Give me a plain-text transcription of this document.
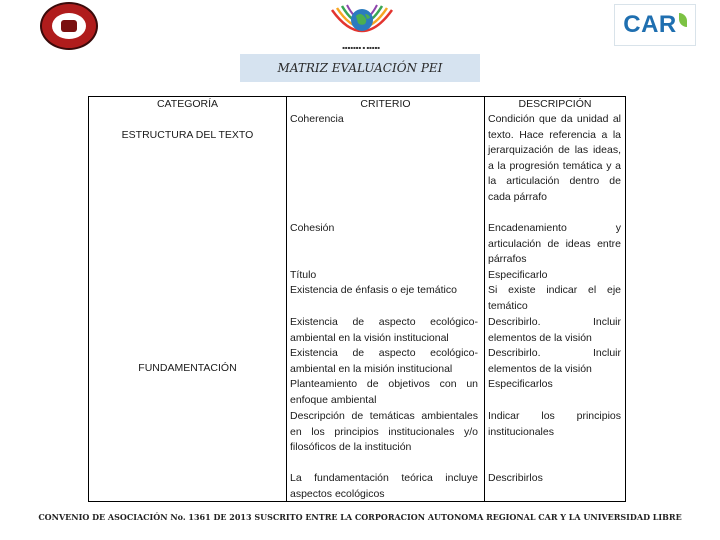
▪▪▪▪▪▪▪ ▪ ▪▪▪▪▪
CAR
MATRIZ EVALUACIÓN PEI
CATEGORÍA	CRITERIO	DESCRIPCIÓN
ESTRUCTURA DEL TEXTO
FUNDAMENTACIÓN
Coherencia
Cohesión
Título
Existencia de énfasis o eje temático
Existencia de aspecto ecológico-ambiental en la visión institucional
Existencia de aspecto ecológico-ambiental en la misión institucional
Planteamiento de objetivos con un enfoque ambiental
Descripción de temáticas ambientales en los principios institucionales y/o filosóficos de la institución
La fundamentación teórica incluye aspectos ecológicos
Condición que da unidad al texto. Hace referencia a la jerarquización de las ideas, a la progresión temática y a la articulación dentro de cada párrafo
Encadenamiento y articulación de ideas entre párrafos
Especificarlo
Si existe indicar el eje temático
Describirlo. Incluir elementos de la visión
Describirlo. Incluir elementos de la visión
Especificarlos
Indicar los principios institucionales
Describirlos
CONVENIO DE ASOCIACIÓN No. 1361 DE 2013 SUSCRITO ENTRE LA CORPORACION AUTONOMA REGIONAL CAR Y LA UNIVERSIDAD LIBRE
